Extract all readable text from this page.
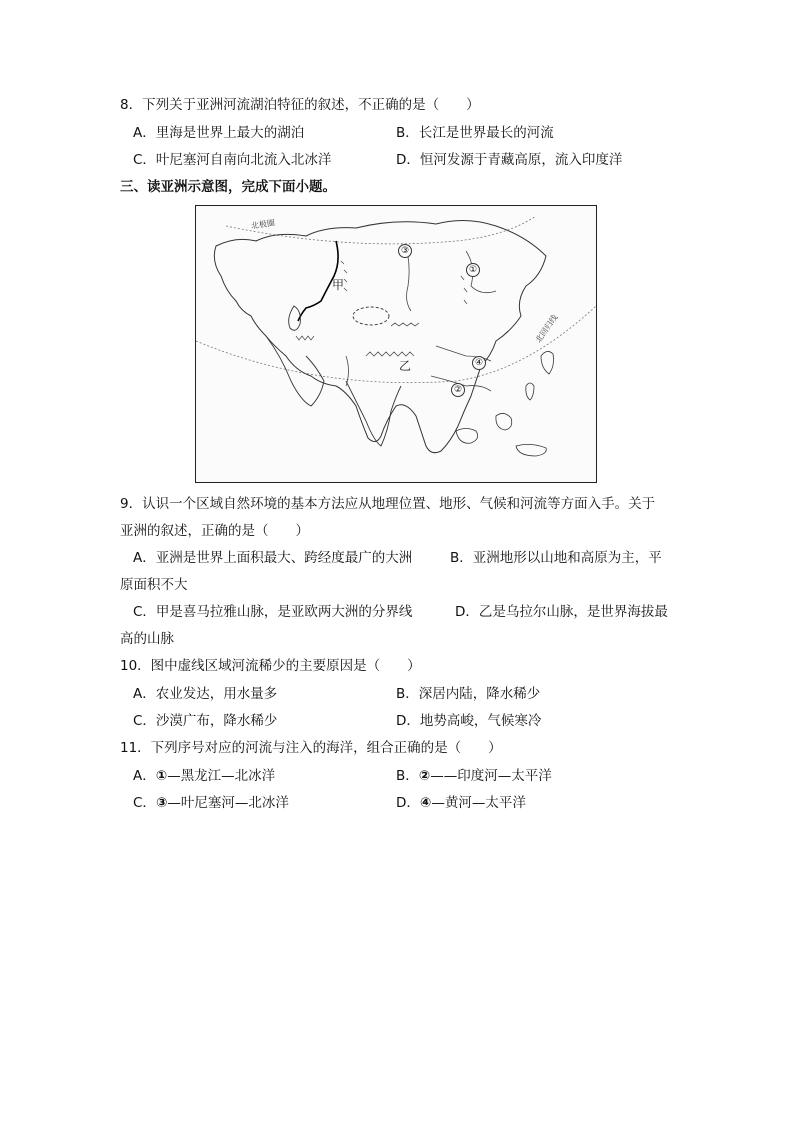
8．下列关于亚洲河流湖泊特征的叙述，不正确的是（　　）
A．里海是世界上最大的湖泊	B．长江是世界最长的河流
C．叶尼塞河自南向北流入北冰洋	D．恒河发源于青藏高原，流入印度洋
三、读亚洲示意图，完成下面小题。
北极圈
北回归线
甲
乙
①
②
③
④
9．认识一个区域自然环境的基本方法应从地理位置、地形、气候和河流等方面入手。关于
亚洲的叙述，正确的是（　　）
A．亚洲是世界上面积最大、跨经度最广的大洲	B．亚洲地形以山地和高原为主，平
原面积不大
C．甲是喜马拉雅山脉，是亚欧两大洲的分界线	D．乙是乌拉尔山脉，是世界海拔最
高的山脉
10．图中虚线区域河流稀少的主要原因是（　　）
A．农业发达，用水量多	B．深居内陆，降水稀少
C．沙漠广布，降水稀少	D．地势高峻，气候寒冷
11．下列序号对应的河流与注入的海洋，组合正确的是（　　）
A．①—黑龙江—北冰洋	B．②——印度河—太平洋
C．③—叶尼塞河—北冰洋	D．④—黄河—太平洋
